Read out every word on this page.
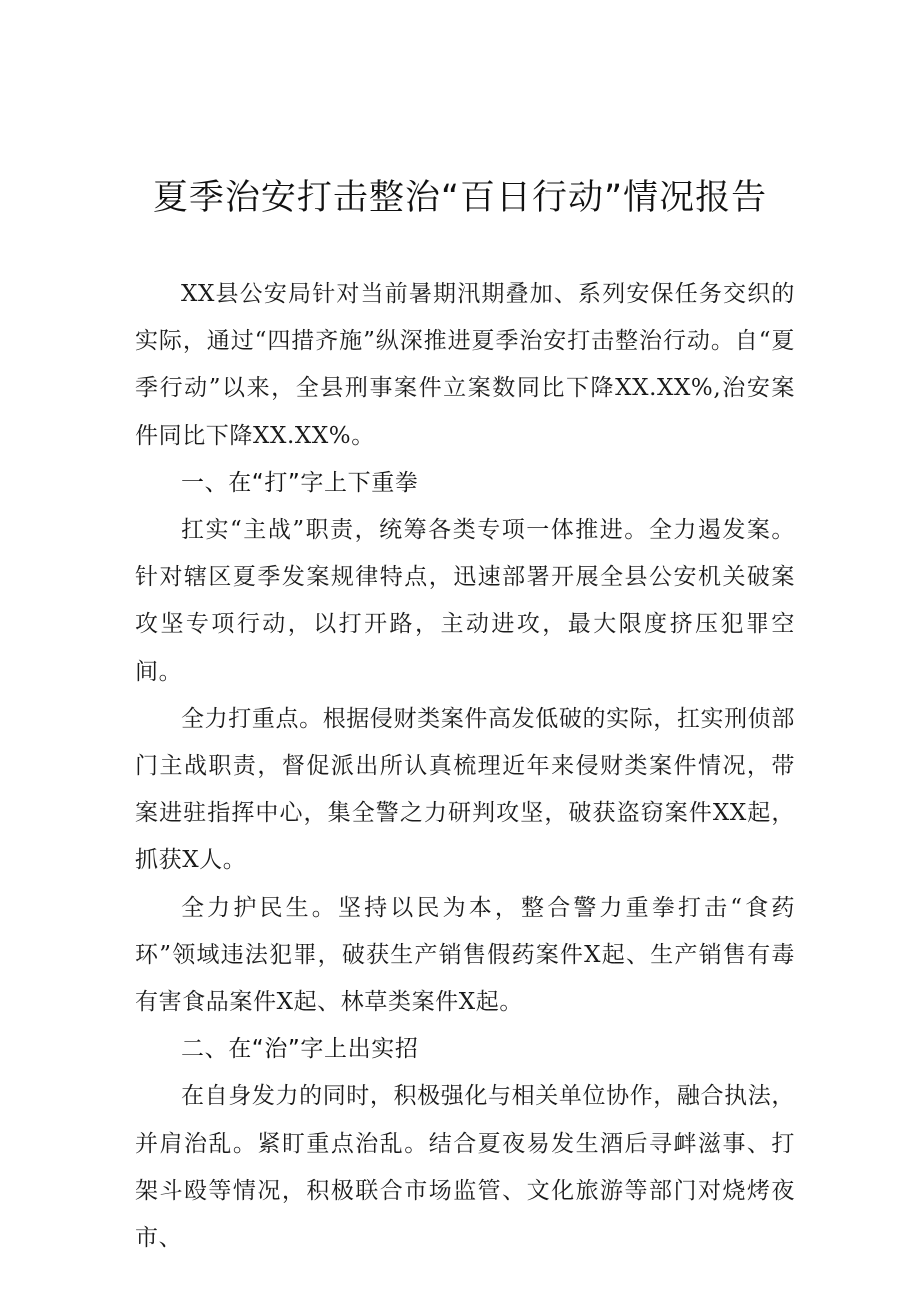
夏季治安打击整治“百日行动”情况报告

XX县公安局针对当前暑期汛期叠加、系列安保任务交织的实际，通过“四措齐施”纵深推进夏季治安打击整治行动。自“夏季行动”以来，全县刑事案件立案数同比下降XX.XX%,治安案件同比下降XX.XX%。

一、在“打”字上下重拳

扛实“主战”职责，统筹各类专项一体推进。全力遏发案。针对辖区夏季发案规律特点，迅速部署开展全县公安机关破案攻坚专项行动，以打开路，主动进攻，最大限度挤压犯罪空间。

全力打重点。根据侵财类案件高发低破的实际，扛实刑侦部门主战职责，督促派出所认真梳理近年来侵财类案件情况，带案进驻指挥中心，集全警之力研判攻坚，破获盗窃案件XX起，抓获X人。

全力护民生。坚持以民为本，整合警力重拳打击“食药环”领域违法犯罪，破获生产销售假药案件X起、生产销售有毒有害食品案件X起、林草类案件X起。

二、在“治”字上出实招

在自身发力的同时，积极强化与相关单位协作，融合执法，并肩治乱。紧盯重点治乱。结合夏夜易发生酒后寻衅滋事、打架斗殴等情况，积极联合市场监管、文化旅游等部门对烧烤夜市、
